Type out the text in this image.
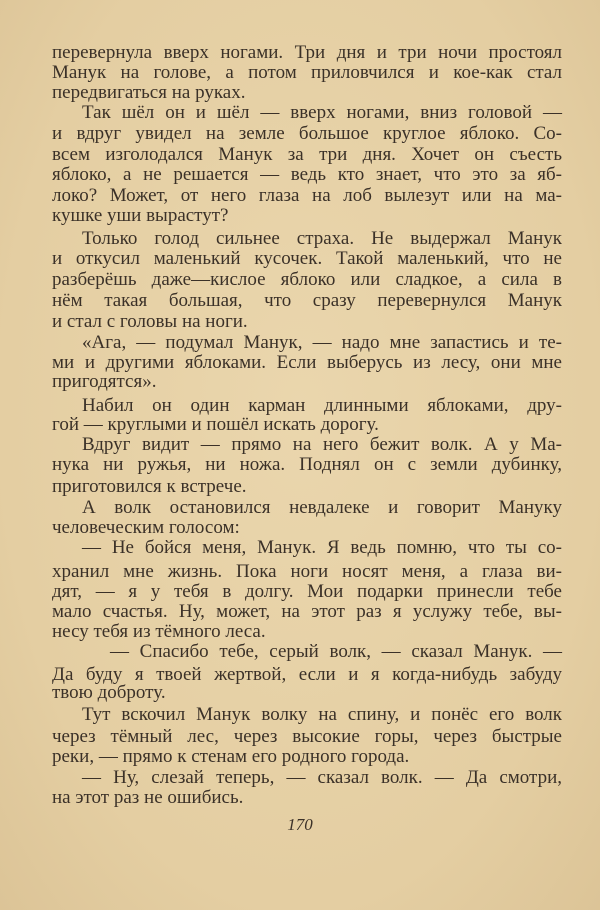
перевернула вверх ногами. Три дня и три ночи простоял
Манук на голове, а потом приловчился и кое-как стал
передвигаться на руках.
Так шёл он и шёл — вверх ногами, вниз головой —
и вдруг увидел на земле большое круглое яблоко. Со-
всем изголодался Манук за три дня. Хочет он съесть
яблоко, а не решается — ведь кто знает, что это за яб-
локо? Может, от него глаза на лоб вылезут или на ма-
кушке уши вырастут?
Только голод сильнее страха. Не выдержал Манук
и откусил маленький кусочек. Такой маленький, что не
разберёшь даже—кислое яблоко или сладкое, а сила в
нём такая большая, что сразу перевернулся Манук
и стал с головы на ноги.
«Ага, — подумал Манук, — надо мне запастись и те-
ми и другими яблоками. Если выберусь из лесу, они мне
пригодятся».
Набил он один карман длинными яблоками, дру-
гой — круглыми и пошёл искать дорогу.
Вдруг видит — прямо на него бежит волк. А у Ма-
нука ни ружья, ни ножа. Поднял он с земли дубинку,
приготовился к встрече.
А волк остановился невдалеке и говорит Мануку
человеческим голосом:
— Не бойся меня, Манук. Я ведь помню, что ты со-
хранил мне жизнь. Пока ноги носят меня, а глаза ви-
дят, — я у тебя в долгу. Мои подарки принесли тебе
мало счастья. Ну, может, на этот раз я услужу тебе, вы-
несу тебя из тёмного леса.
— Спасибо тебе, серый волк, — сказал Манук. —
Да буду я твоей жертвой, если и я когда-нибудь забуду
твою доброту.
Тут вскочил Манук волку на спину, и понёс его волк
через тёмный лес, через высокие горы, через быстрые
реки, — прямо к стенам его родного города.
— Ну, слезай теперь, — сказал волк. — Да смотри,
на этот раз не ошибись.
170
